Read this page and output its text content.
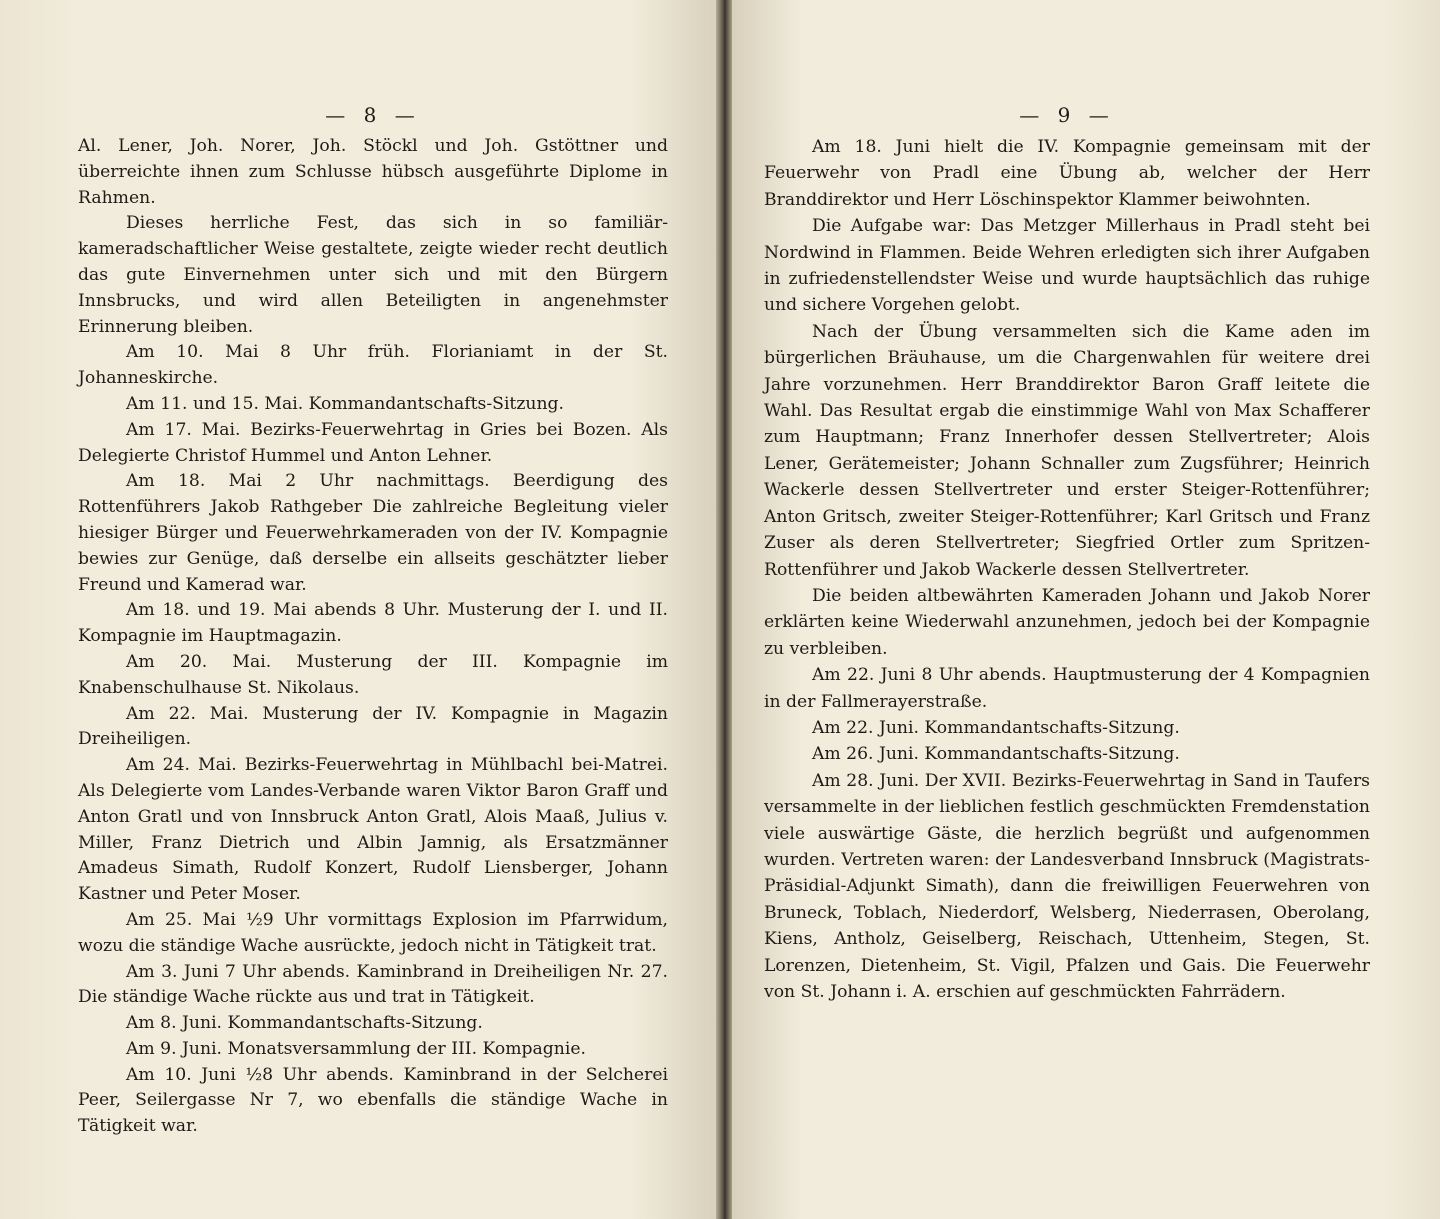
— 8 —

Al. Lener, Joh. Norer, Joh. Stöckl und Joh. Gstöttner und überreichte ihnen zum Schlusse hübsch ausgeführte Diplome in Rahmen.

Dieses herrliche Fest, das sich in so familiär-kameradschaftlicher Weise gestaltete, zeigte wieder recht deutlich das gute Einvernehmen unter sich und mit den Bürgern Innsbrucks, und wird allen Beteiligten in angenehmster Erinnerung bleiben.

Am 10. Mai 8 Uhr früh. Florianiamt in der St. Johanneskirche.

Am 11. und 15. Mai. Kommandantschafts-Sitzung.

Am 17. Mai. Bezirks-Feuerwehrtag in Gries bei Bozen. Als Delegierte Christof Hummel und Anton Lehner.

Am 18. Mai 2 Uhr nachmittags. Beerdigung des Rottenführers Jakob Rathgeber Die zahlreiche Begleitung vieler hiesiger Bürger und Feuerwehrkameraden von der IV. Kompagnie bewies zur Genüge, daß derselbe ein allseits geschätzter lieber Freund und Kamerad war.

Am 18. und 19. Mai abends 8 Uhr. Musterung der I. und II. Kompagnie im Hauptmagazin.

Am 20. Mai. Musterung der III. Kompagnie im Knabenschulhause St. Nikolaus.

Am 22. Mai. Musterung der IV. Kompagnie in Magazin Dreiheiligen.

Am 24. Mai. Bezirks-Feuerwehrtag in Mühlbachl bei-Matrei. Als Delegierte vom Landes-Verbande waren Viktor Baron Graff und Anton Gratl und von Innsbruck Anton Gratl, Alois Maaß, Julius v. Miller, Franz Dietrich und Albin Jamnig, als Ersatzmänner Amadeus Simath, Rudolf Konzert, Rudolf Liensberger, Johann Kastner und Peter Moser.

Am 25. Mai ½9 Uhr vormittags Explosion im Pfarrwidum, wozu die ständige Wache ausrückte, jedoch nicht in Tätigkeit trat.

Am 3. Juni 7 Uhr abends. Kaminbrand in Dreiheiligen Nr. 27. Die ständige Wache rückte aus und trat in Tätigkeit.

Am 8. Juni. Kommandantschafts-Sitzung.

Am 9. Juni. Monatsversammlung der III. Kompagnie.

Am 10. Juni ½8 Uhr abends. Kaminbrand in der Selcherei Peer, Seilergasse Nr 7, wo ebenfalls die ständige Wache in Tätigkeit war.

— 9 —

Am 18. Juni hielt die IV. Kompagnie gemeinsam mit der Feuerwehr von Pradl eine Übung ab, welcher der Herr Branddirektor und Herr Löschinspektor Klammer beiwohnten.

Die Aufgabe war: Das Metzger Millerhaus in Pradl steht bei Nordwind in Flammen. Beide Wehren erledigten sich ihrer Aufgaben in zufriedenstellendster Weise und wurde hauptsächlich das ruhige und sichere Vorgehen gelobt.

Nach der Übung versammelten sich die Kame aden im bürgerlichen Bräuhause, um die Chargenwahlen für weitere drei Jahre vorzunehmen. Herr Branddirektor Baron Graff leitete die Wahl. Das Resultat ergab die einstimmige Wahl von Max Schafferer zum Hauptmann; Franz Innerhofer dessen Stellvertreter; Alois Lener, Gerätemeister; Johann Schnaller zum Zugsführer; Heinrich Wackerle dessen Stellvertreter und erster Steiger-Rottenführer; Anton Gritsch, zweiter Steiger-Rottenführer; Karl Gritsch und Franz Zuser als deren Stellvertreter; Siegfried Ortler zum Spritzen-Rottenführer und Jakob Wackerle dessen Stellvertreter.

Die beiden altbewährten Kameraden Johann und Jakob Norer erklärten keine Wiederwahl anzunehmen, jedoch bei der Kompagnie zu verbleiben.

Am 22. Juni 8 Uhr abends. Hauptmusterung der 4 Kompagnien in der Fallmerayerstraße.

Am 22. Juni. Kommandantschafts-Sitzung.

Am 26. Juni. Kommandantschafts-Sitzung.

Am 28. Juni. Der XVII. Bezirks-Feuerwehrtag in Sand in Taufers versammelte in der lieblichen festlich geschmückten Fremdenstation viele auswärtige Gäste, die herzlich begrüßt und aufgenommen wurden. Vertreten waren: der Landesverband Innsbruck (Magistrats-Präsidial-Adjunkt Simath), dann die freiwilligen Feuerwehren von Bruneck, Toblach, Niederdorf, Welsberg, Niederrasen, Oberolang, Kiens, Antholz, Geiselberg, Reischach, Uttenheim, Stegen, St. Lorenzen, Dietenheim, St. Vigil, Pfalzen und Gais. Die Feuerwehr von St. Johann i. A. erschien auf geschmückten Fahrrädern.
